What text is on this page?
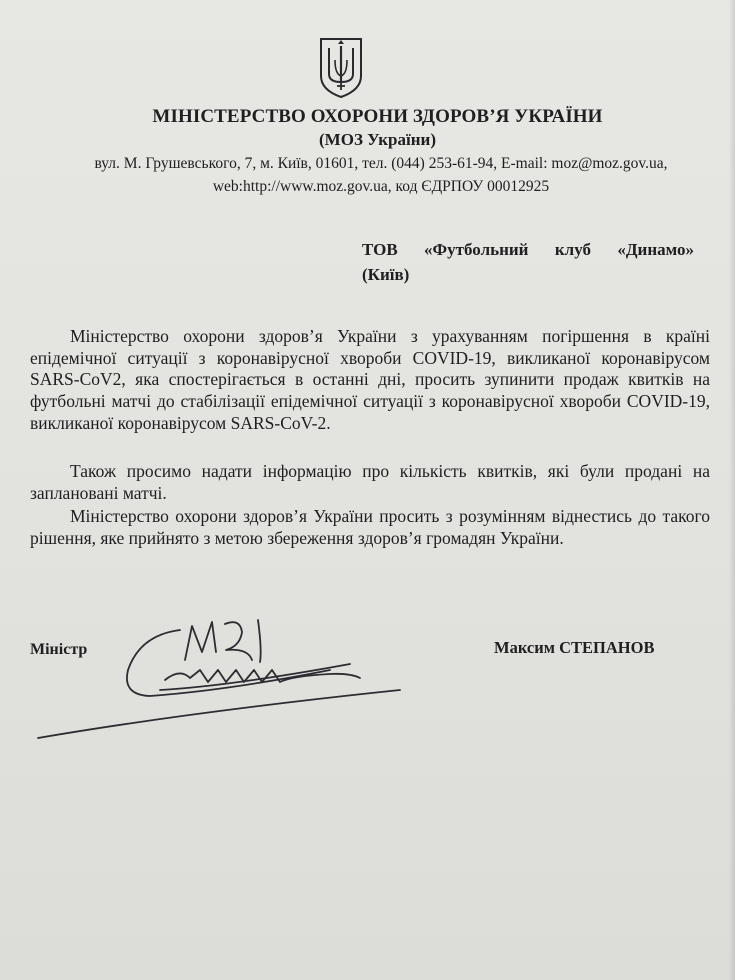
МІНІСТЕРСТВО ОХОРОНИ ЗДОРОВ’Я УКРАЇНИ
(МОЗ України)
вул. М. Грушевського, 7, м. Київ, 01601, тел. (044) 253-61-94, E-mail: moz@moz.gov.ua,
web:http://www.moz.gov.ua, код ЄДРПОУ 00012925
ТОВ «Футбольний клуб «Динамо»
(Київ)
Міністерство охорони здоров’я України з урахуванням погіршення в країні епідемічної ситуації з коронавірусної хвороби COVID-19, викликаної коронавірусом SARS-CoV2, яка спостерігається в останні дні, просить зупинити продаж квитків на футбольні матчі до стабілізації епідемічної ситуації з коронавірусної хвороби COVID-19, викликаної коронавірусом SARS-CoV-2.
Також просимо надати інформацію про кількість квитків, які були продані на заплановані матчі.
Міністерство охорони здоров’я України просить з розумінням віднестись до такого рішення, яке прийнято з метою збереження здоров’я громадян України.
Міністр	Максим СТЕПАНОВ
